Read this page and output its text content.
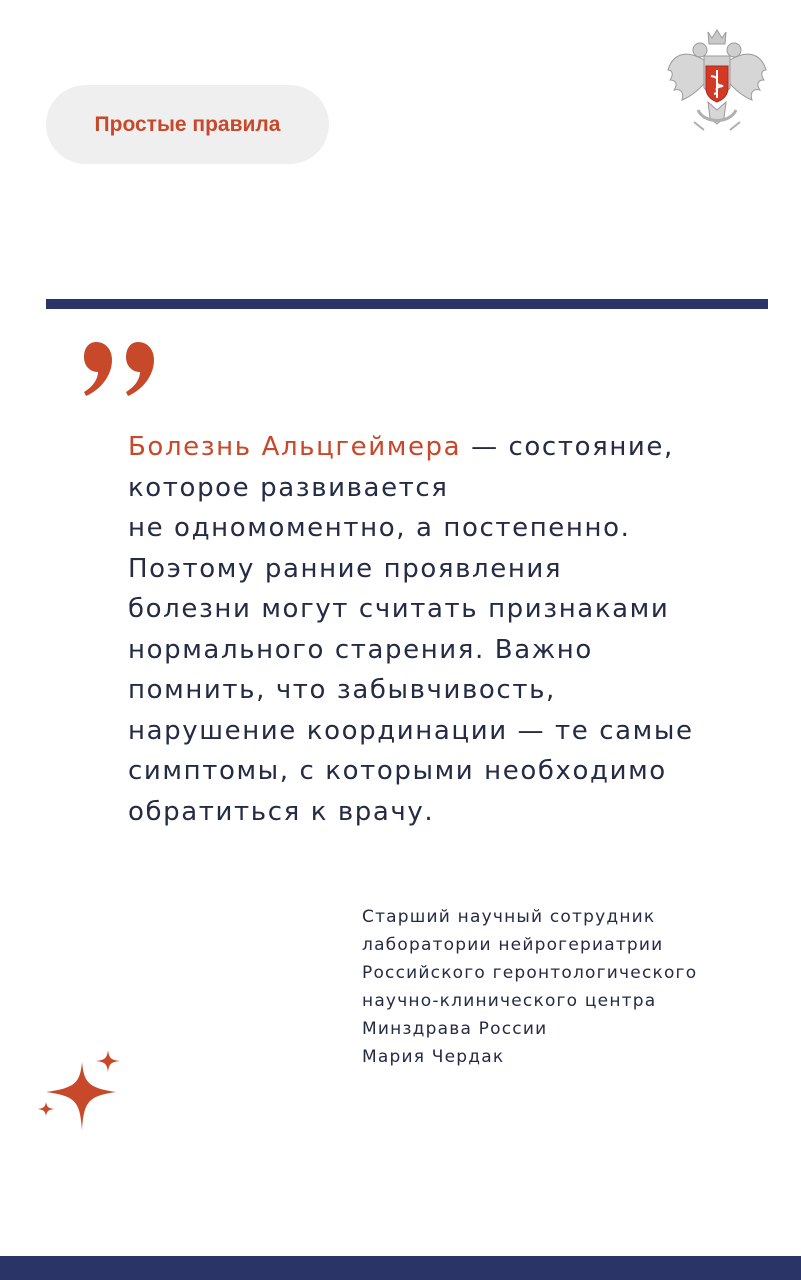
Простые правила
Болезнь Альцгеймера — состояние,
которое развивается
не одномоментно, а постепенно.
Поэтому ранние проявления
болезни могут считать признаками
нормального старения. Важно
помнить, что забывчивость,
нарушение координации — те самые
симптомы, с которыми необходимо
обратиться к врачу.
Старший научный сотрудник
лаборатории нейрогериатрии
Российского геронтологического
научно-клинического центра
Минздрава России
Мария Чердак
